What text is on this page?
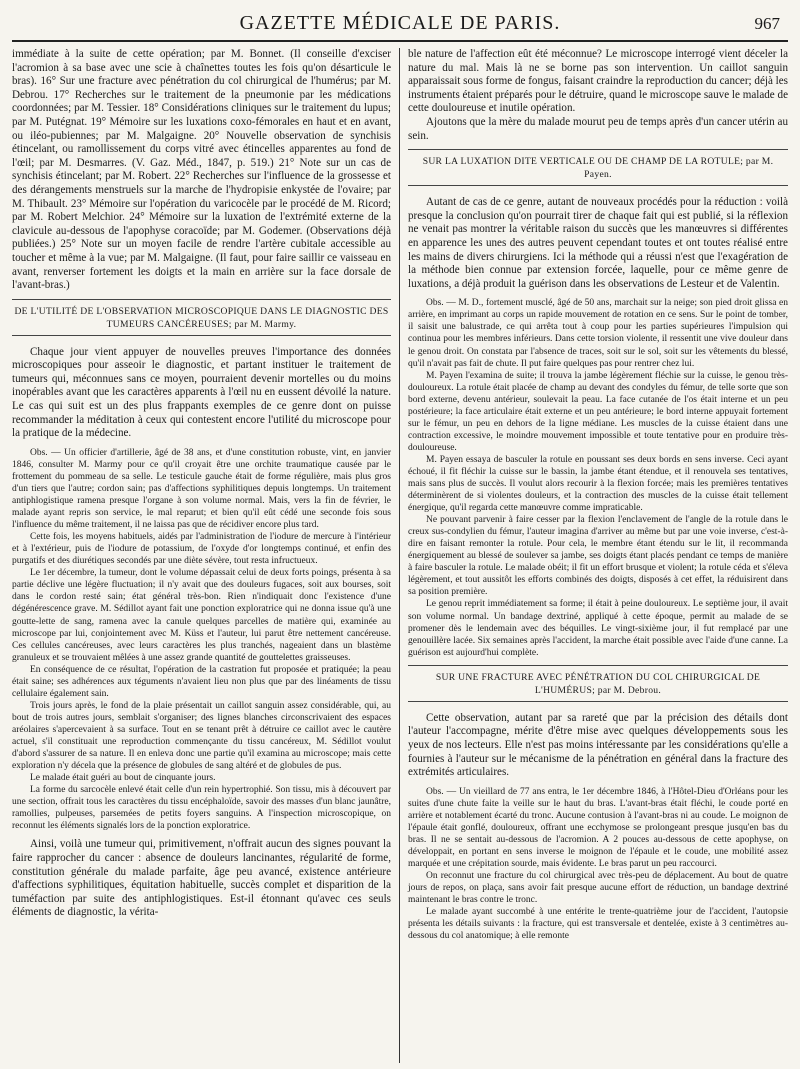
GAZETTE MÉDICALE DE PARIS.	967

immédiate à la suite de cette opération; par M. Bonnet. (Il conseille d'exciser l'acromion à sa base avec une scie à chaînettes toutes les fois qu'on désarticule le bras). 16° Sur une fracture avec pénétration du col chirurgical de l'humérus; par M. Debrou. 17° Recherches sur le traitement de la pneumonie par les médications coordonnées; par M. Tessier. 18° Considérations cliniques sur le traitement du lupus; par M. Putégnat. 19° Mémoire sur les luxations coxo-fémorales en haut et en avant, ou iléo-pubiennes; par M. Malgaigne. 20° Nouvelle observation de synchisis étincelant, ou ramollissement du corps vitré avec étincelles apparentes au fond de l'œil; par M. Desmarres. (V. Gaz. Méd., 1847, p. 519.) 21° Note sur un cas de synchisis étincelant; par M. Robert. 22° Recherches sur l'influence de la grossesse et des dérangements menstruels sur la marche de l'hydropisie enkystée de l'ovaire; par M. Thibault. 23° Mémoire sur l'opération du varicocèle par le procédé de M. Ricord; par M. Robert Melchior. 24° Mémoire sur la luxation de l'extrémité externe de la clavicule au-dessous de l'apophyse coracoïde; par M. Godemer. (Observations déjà publiées.) 25° Note sur un moyen facile de rendre l'artère cubitale accessible au toucher et même à la vue; par M. Malgaigne. (Il faut, pour faire saillir ce vaisseau en avant, renverser fortement les doigts et la main en arrière sur la face dorsale de l'avant-bras.)

DE L'UTILITÉ DE L'OBSERVATION MICROSCOPIQUE DANS LE DIAGNOSTIC DES TUMEURS CANCÉREUSES; par M. Marmy.

Chaque jour vient appuyer de nouvelles preuves l'importance des données microscopiques pour asseoir le diagnostic, et partant instituer le traitement de tumeurs qui, méconnues sans ce moyen, pourraient devenir mortelles ou du moins inopérables avant que les caractères apparents à l'œil nu en eussent dévoilé la nature. Le cas qui suit est un des plus frappants exemples de ce genre dont on puisse recommander la méditation à ceux qui contestent encore l'utilité du microscope pour la pratique de la médecine.

Obs. — Un officier d'artillerie, âgé de 38 ans, et d'une constitution robuste, vint, en janvier 1846, consulter M. Marmy pour ce qu'il croyait être une orchite traumatique causée par le frottement du pommeau de sa selle. Le testicule gauche était de forme régulière, mais plus gros d'un tiers que l'autre; cordon sain; pas d'affections syphilitiques depuis longtemps. Un traitement antiphlogistique ramena presque l'organe à son volume normal. Mais, vers la fin de février, le malade ayant repris son service, le mal reparut; et bien qu'il eût cédé une seconde fois sous l'influence du même traitement, il ne laissa pas que de récidiver encore plus tard.

Cette fois, les moyens habituels, aidés par l'administration de l'iodure de mercure à l'intérieur et à l'extérieur, puis de l'iodure de potassium, de l'oxyde d'or longtemps continué, et enfin des purgatifs et des diurétiques secondés par une diète sévère, tout resta infructueux.

Le 1er décembre, la tumeur, dont le volume dépassait celui de deux forts poings, présenta à sa partie déclive une légère fluctuation; il n'y avait que des douleurs fugaces, soit aux bourses, soit dans le cordon resté sain; état général très-bon. Rien n'indiquait donc l'existence d'une dégénérescence grave. M. Sédillot ayant fait une ponction exploratrice qui ne donna issue qu'à une goutte-lette de sang, ramena avec la canule quelques parcelles de matière qui, examinée au microscope par lui, conjointement avec M. Küss et l'auteur, lui parut être nettement cancéreuse. Ces cellules cancéreuses, avec leurs caractères les plus tranchés, nageaient dans un blastème granuleux et se trouvaient mêlées à une assez grande quantité de gouttelettes graisseuses.

En conséquence de ce résultat, l'opération de la castration fut proposée et pratiquée; la peau était saine; ses adhérences aux téguments n'avaient lieu non plus que par des linéaments de tissu cellulaire également sain.

Trois jours après, le fond de la plaie présentait un caillot sanguin assez considérable, qui, au bout de trois autres jours, semblait s'organiser; des lignes blanches circonscrivaient des espaces aréolaires s'apercevaient à sa surface. Tout en se tenant prêt à détruire ce caillot avec le cautère actuel, s'il constituait une reproduction commençante du tissu cancéreux, M. Sédillot voulut d'abord s'assurer de sa nature. Il en enleva donc une partie qu'il examina au microscope; mais cette exploration n'y décela que la présence de globules de sang altéré et de globules de pus.

Le malade était guéri au bout de cinquante jours.

La forme du sarcocèle enlevé était celle d'un rein hypertrophié. Son tissu, mis à découvert par une section, offrait tous les caractères du tissu encéphaloïde, savoir des masses d'un blanc jaunâtre, ramollies, pulpeuses, parsemées de petits foyers sanguins. A l'inspection microscopique, on reconnut les éléments signalés lors de la ponction exploratrice.

Ainsi, voilà une tumeur qui, primitivement, n'offrait aucun des signes pouvant la faire rapprocher du cancer : absence de douleurs lancinantes, régularité de forme, constitution générale du malade parfaite, âge peu avancé, existence antérieure d'affections syphilitiques, équitation habituelle, succès complet et disparition de la tuméfaction par suite des antiphlogistiques. Est-il étonnant qu'avec ces seuls éléments de diagnostic, la vérita-

ble nature de l'affection eût été méconnue? Le microscope interrogé vient déceler la nature du mal. Mais là ne se borne pas son intervention. Un caillot sanguin apparaissait sous forme de fongus, faisant craindre la reproduction du cancer; déjà les instruments étaient préparés pour le détruire, quand le microscope sauve le malade de cette douloureuse et inutile opération.

Ajoutons que la mère du malade mourut peu de temps après d'un cancer utérin au sein.

SUR LA LUXATION DITE VERTICALE OU DE CHAMP DE LA ROTULE; par M. Payen.

Autant de cas de ce genre, autant de nouveaux procédés pour la réduction : voilà presque la conclusion qu'on pourrait tirer de chaque fait qui est publié, si la réflexion ne venait pas montrer la véritable raison du succès que les manœuvres si différentes en apparence les unes des autres peuvent cependant toutes et ont toutes réalisé entre les mains de divers chirurgiens. Ici la méthode qui a réussi n'est que l'exagération de la méthode bien connue par extension forcée, laquelle, pour ce même genre de luxations, a déjà produit la guérison dans les observations de Lesteur et de Valentin.

Obs. — M. D., fortement musclé, âgé de 50 ans, marchait sur la neige; son pied droit glissa en arrière, en imprimant au corps un rapide mouvement de rotation en ce sens. Sur le point de tomber, il saisit une balustrade, ce qui arrêta tout à coup pour les parties supérieures l'impulsion qui continua pour les membres inférieurs. Dans cette torsion violente, il ressentit une vive douleur dans le genou droit. On constata par l'absence de traces, soit sur le sol, soit sur les vêtements du blessé, qu'il n'avait pas fait de chute. Il put faire quelques pas pour rentrer chez lui.

M. Payen l'examina de suite; il trouva la jambe légèrement fléchie sur la cuisse, le genou très-douloureux. La rotule était placée de champ au devant des condyles du fémur, de telle sorte que son bord externe, devenu antérieur, soulevait la peau. La face cutanée de l'os était interne et un peu postérieure; la face articulaire était externe et un peu antérieure; le bord interne appuyait fortement sur le fémur, un peu en dehors de la ligne médiane. Les muscles de la cuisse étaient dans une contraction excessive, le moindre mouvement impossible et toute tentative pour en produire très-douloureuse.

M. Payen essaya de basculer la rotule en poussant ses deux bords en sens inverse. Ceci ayant échoué, il fit fléchir la cuisse sur le bassin, la jambe étant étendue, et il renouvela ses tentatives, mais sans plus de succès. Il voulut alors recourir à la flexion forcée; mais les premières tentatives déterminèrent de si violentes douleurs, et la contraction des muscles de la cuisse était tellement énergique, qu'il regarda cette manœuvre comme impraticable.

Ne pouvant parvenir à faire cesser par la flexion l'enclavement de l'angle de la rotule dans le creux sus-condylien du fémur, l'auteur imagina d'arriver au même but par une voie inverse, c'est-à-dire en faisant remonter la rotule. Pour cela, le membre étant étendu sur le lit, il recommanda énergiquement au blessé de soulever sa jambe, ses doigts étant placés pendant ce temps de manière à faire basculer la rotule. Le malade obéit; il fit un effort brusque et violent; la rotule céda et s'éleva légèrement, et tout aussitôt les efforts combinés des doigts, disposés à cet effet, la réduisirent dans sa position première.

Le genou reprit immédiatement sa forme; il était à peine douloureux. Le septième jour, il avait son volume normal. Un bandage dextriné, appliqué à cette époque, permit au malade de se promener dès le lendemain avec des béquilles. Le vingt-sixième jour, il fut remplacé par une genouillère lacée. Six semaines après l'accident, la marche était possible avec l'aide d'une canne. La guérison est aujourd'hui complète.

SUR UNE FRACTURE AVEC PÉNÉTRATION DU COL CHIRURGICAL DE L'HUMÉRUS; par M. Debrou.

Cette observation, autant par sa rareté que par la précision des détails dont l'auteur l'accompagne, mérite d'être mise avec quelques développements sous les yeux de nos lecteurs. Elle n'est pas moins intéressante par les considérations qu'elle a fournies à l'auteur sur le mécanisme de la pénétration en général dans la fracture des extrémités articulaires.

Obs. — Un vieillard de 77 ans entra, le 1er décembre 1846, à l'Hôtel-Dieu d'Orléans pour les suites d'une chute faite la veille sur le haut du bras. L'avant-bras était fléchi, le coude porté en arrière et notablement écarté du tronc. Aucune contusion à l'avant-bras ni au coude. Le moignon de l'épaule était gonflé, douloureux, offrant une ecchymose se prolongeant presque jusqu'en bas du bras. Il ne se sentait au-dessous de l'acromion. A 2 pouces au-dessous de cette apophyse, on développait, en portant en sens inverse le moignon de l'épaule et le coude, une mobilité assez marquée et une crépitation sourde, mais évidente. Le bras parut un peu raccourci.

On reconnut une fracture du col chirurgical avec très-peu de déplacement. Au bout de quatre jours de repos, on plaça, sans avoir fait presque aucune effort de réduction, un bandage dextriné maintenant le bras contre le tronc.

Le malade ayant succombé à une entérite le trente-quatrième jour de l'accident, l'autopsie présenta les détails suivants : la fracture, qui est transversale et dentelée, existe à 3 centimètres au-dessous du col anatomique; à elle remonte
